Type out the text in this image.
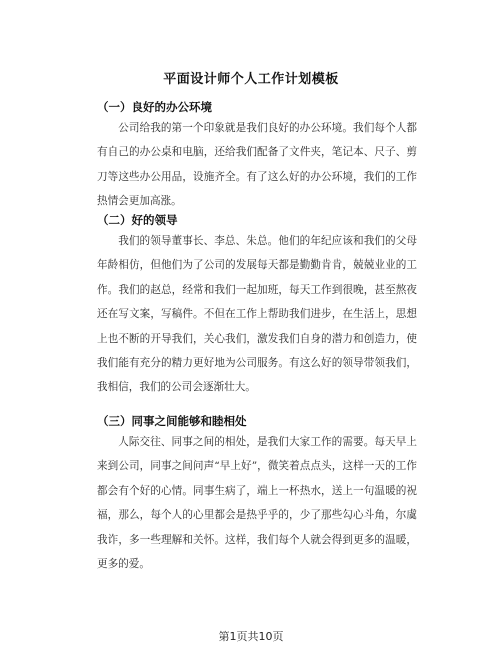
平面设计师个人工作计划模板
（一）良好的办公环境

公司给我的第一个印象就是我们良好的办公环境。我们每个人都有自己的办公桌和电脑，还给我们配备了文件夹，笔记本、尺子、剪刀等这些办公用品，设施齐全。有了这么好的办公环境，我们的工作热情会更加高涨。

（二）好的领导

我们的领导董事长、李总、朱总。他们的年纪应该和我们的父母年龄相仿，但他们为了公司的发展每天都是勤勤肯肯，兢兢业业的工作。我们的赵总，经常和我们一起加班，每天工作到很晚，甚至熬夜还在写文案，写稿件。不但在工作上帮助我们进步，在生活上，思想上也不断的开导我们，关心我们，激发我们自身的潜力和创造力，使我们能有充分的精力更好地为公司服务。有这么好的领导带领我们，我相信，我们的公司会逐渐壮大。

（三）同事之间能够和睦相处

人际交往、同事之间的相处，是我们大家工作的需要。每天早上来到公司，同事之间问声“早上好”，微笑着点点头，这样一天的工作都会有个好的心情。同事生病了，端上一杯热水，送上一句温暖的祝福，那么，每个人的心里都会是热乎乎的，少了那些勾心斗角，尔虞我诈，多一些理解和关怀。这样，我们每个人就会得到更多的温暖，更多的爱。

第1页共10页
